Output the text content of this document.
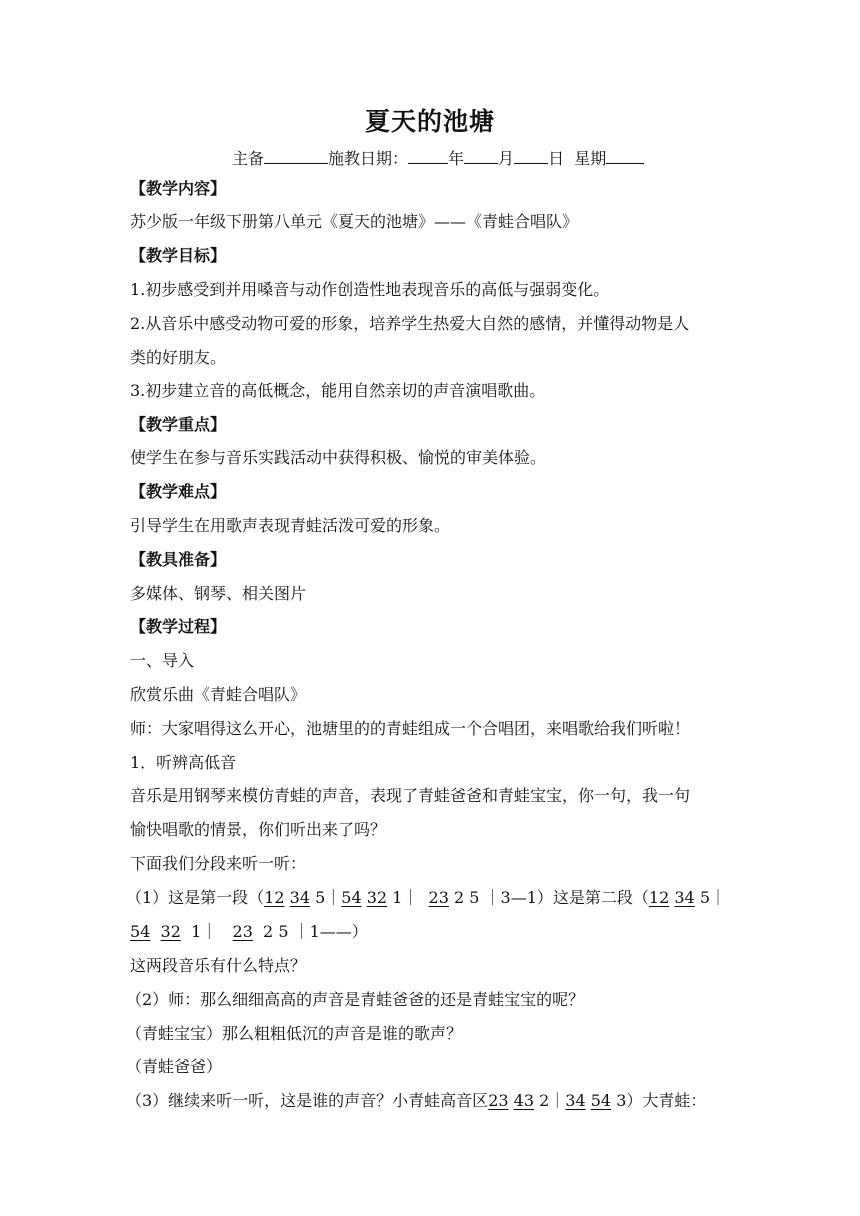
夏天的池塘
主备	施教日期：	年 月 日 星期
【教学内容】
苏少版一年级下册第八单元《夏天的池塘》——《青蛙合唱队》
【教学目标】
1.初步感受到并用嗓音与动作创造性地表现音乐的高低与强弱变化。
2.从音乐中感受动物可爱的形象，培养学生热爱大自然的感情，并懂得动物是人
类的好朋友。
3.初步建立音的高低概念，能用自然亲切的声音演唱歌曲。
【教学重点】
使学生在参与音乐实践活动中获得积极、愉悦的审美体验。
【教学难点】
引导学生在用歌声表现青蛙活泼可爱的形象。
【教具准备】
多媒体、钢琴、相关图片
【教学过程】
一、导入
欣赏乐曲《青蛙合唱队》
师：大家唱得这么开心，池塘里的的青蛙组成一个合唱团，来唱歌给我们听啦！
1．听辨高低音
音乐是用钢琴来模仿青蛙的声音，表现了青蛙爸爸和青蛙宝宝，你一句，我一句
愉快唱歌的情景，你们听出来了吗？
下面我们分段来听一听：
（1）这是第一段（12 34 5｜54 32 1｜ 23 2 5 ｜3—1）这是第二段（12 34 5｜
54 32 1｜ 23 2 5 ｜1——）
这两段音乐有什么特点？
（2）师：那么细细高高的声音是青蛙爸爸的还是青蛙宝宝的呢？
（青蛙宝宝）那么粗粗低沉的声音是谁的歌声？
（青蛙爸爸）
（3）继续来听一听，这是谁的声音？小青蛙高音区23 43 2｜34 54 3）大青蛙：
